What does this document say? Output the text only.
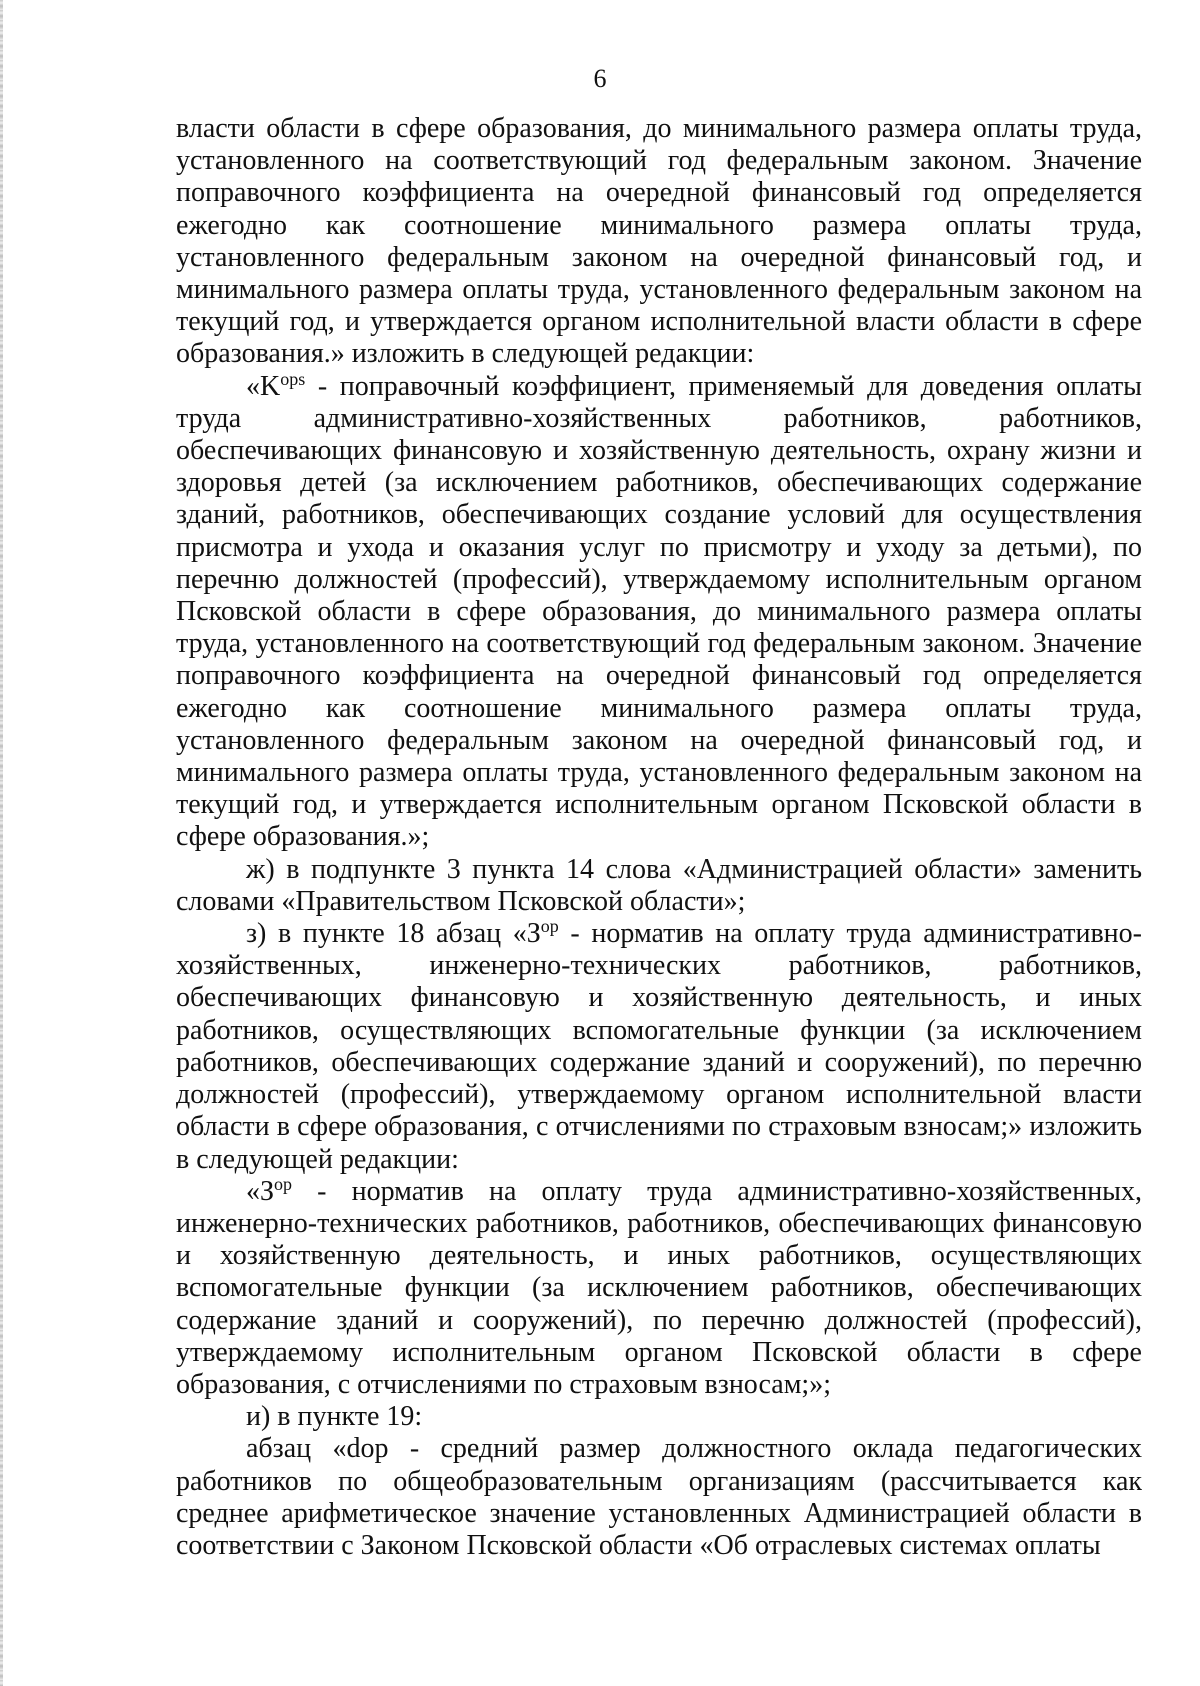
6

власти области в сфере образования, до минимального размера оплаты труда, установленного на соответствующий год федеральным законом. Значение поправочного коэффициента на очередной финансовый год определяется ежегодно как соотношение минимального размера оплаты труда, установленного федеральным законом на очередной финансовый год, и минимального размера оплаты труда, установленного федеральным законом на текущий год, и утверждается органом исполнительной власти области в сфере образования.» изложить в следующей редакции:

«$K^{ops}$ - поправочный коэффициент, применяемый для доведения оплаты труда административно-хозяйственных работников, работников, обеспечивающих финансовую и хозяйственную деятельность, охрану жизни и здоровья детей (за исключением работников, обеспечивающих содержание зданий, работников, обеспечивающих создание условий для осуществления присмотра и ухода и оказания услуг по присмотру и уходу за детьми), по перечню должностей (профессий), утверждаемому исполнительным органом Псковской области в сфере образования, до минимального размера оплаты труда, установленного на соответствующий год федеральным законом. Значение поправочного коэффициента на очередной финансовый год определяется ежегодно как соотношение минимального размера оплаты труда, установленного федеральным законом на очередной финансовый год, и минимального размера оплаты труда, установленного федеральным законом на текущий год, и утверждается исполнительным органом Псковской области в сфере образования.»;

ж) в подпункте 3 пункта 14 слова «Администрацией области» заменить словами «Правительством Псковской области»;

з) в пункте 18 абзац «$З^{ор}$ - норматив на оплату труда административно-хозяйственных, инженерно-технических работников, работников, обеспечивающих финансовую и хозяйственную деятельность, и иных работников, осуществляющих вспомогательные функции (за исключением работников, обеспечивающих содержание зданий и сооружений), по перечню должностей (профессий), утверждаемому органом исполнительной власти области в сфере образования, с отчислениями по страховым взносам;» изложить в следующей редакции:

«$З^{ор}$ - норматив на оплату труда административно-хозяйственных, инженерно-технических работников, работников, обеспечивающих финансовую и хозяйственную деятельность, и иных работников, осуществляющих вспомогательные функции (за исключением работников, обеспечивающих содержание зданий и сооружений), по перечню должностей (профессий), утверждаемому исполнительным органом Псковской области в сфере образования, с отчислениями по страховым взносам;»;

и) в пункте 19:

абзац «dop - средний размер должностного оклада педагогических работников по общеобразовательным организациям (рассчитывается как среднее арифметическое значение установленных Администрацией области в соответствии с Законом Псковской области «Об отраслевых системах оплаты
